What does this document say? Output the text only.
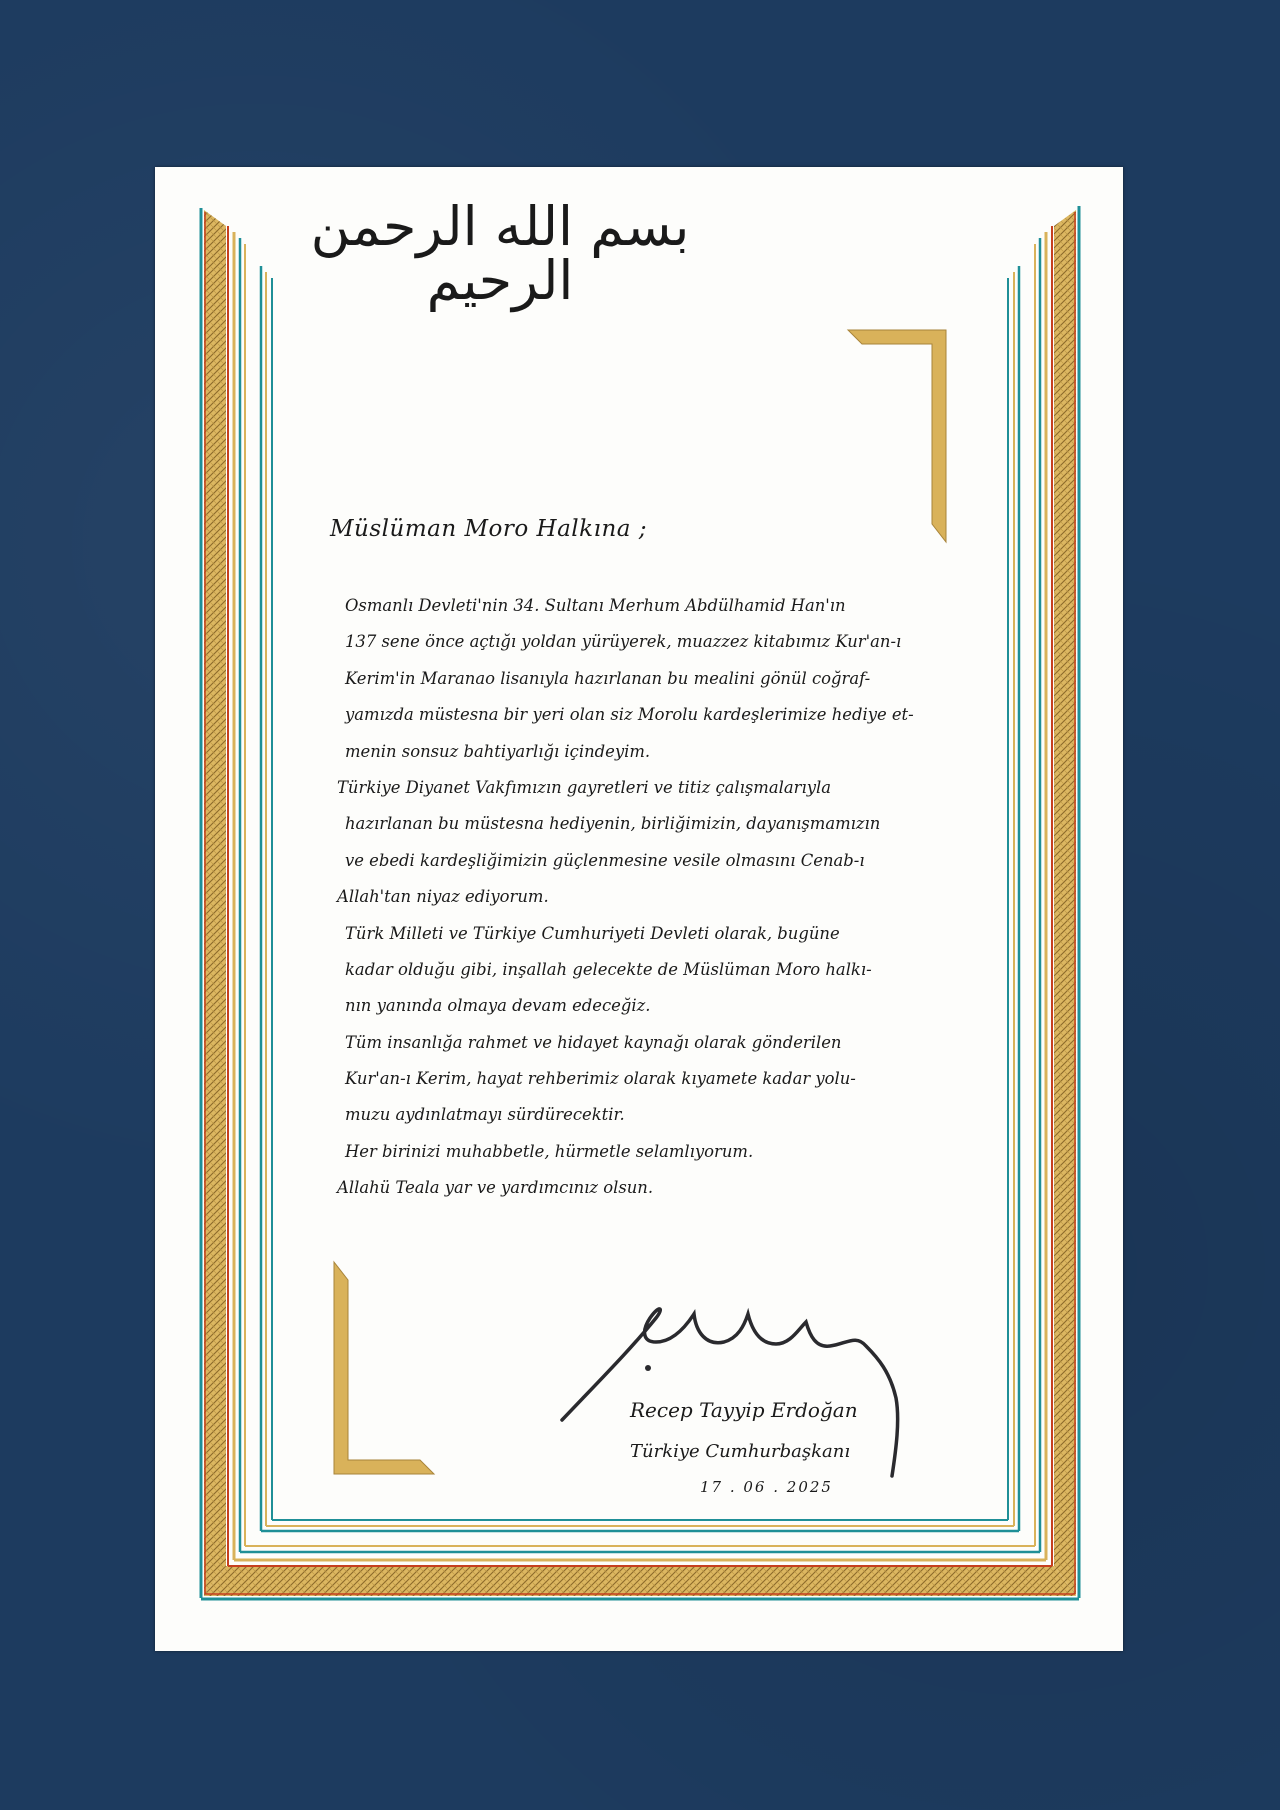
بسم الله الرحمن الرحيم
Müslüman Moro Halkına ;
Osmanlı Devleti'nin 34. Sultanı Merhum Abdülhamid Han'ın
137 sene önce açtığı yoldan yürüyerek, muazzez kitabımız Kur'an-ı
Kerim'in Maranao lisanıyla hazırlanan bu mealini gönül coğraf-
yamızda müstesna bir yeri olan siz Morolu kardeşlerimize hediye et-
menin sonsuz bahtiyarlığı içindeyim.
Türkiye Diyanet Vakfımızın gayretleri ve titiz çalışmalarıyla
hazırlanan bu müstesna hediyenin, birliğimizin, dayanışmamızın
ve ebedi kardeşliğimizin güçlenmesine vesile olmasını Cenab-ı
Allah'tan niyaz ediyorum.
Türk Milleti ve Türkiye Cumhuriyeti Devleti olarak, bugüne
kadar olduğu gibi, inşallah gelecekte de Müslüman Moro halkı-
nın yanında olmaya devam edeceğiz.
Tüm insanlığa rahmet ve hidayet kaynağı olarak gönderilen
Kur'an-ı Kerim, hayat rehberimiz olarak kıyamete kadar yolu-
muzu aydınlatmayı sürdürecektir.
Her birinizi muhabbetle, hürmetle selamlıyorum.
Allahü Teala yar ve yardımcınız olsun.
Recep Tayyip Erdoğan
Türkiye Cumhurbaşkanı
17 . 06 . 2025
